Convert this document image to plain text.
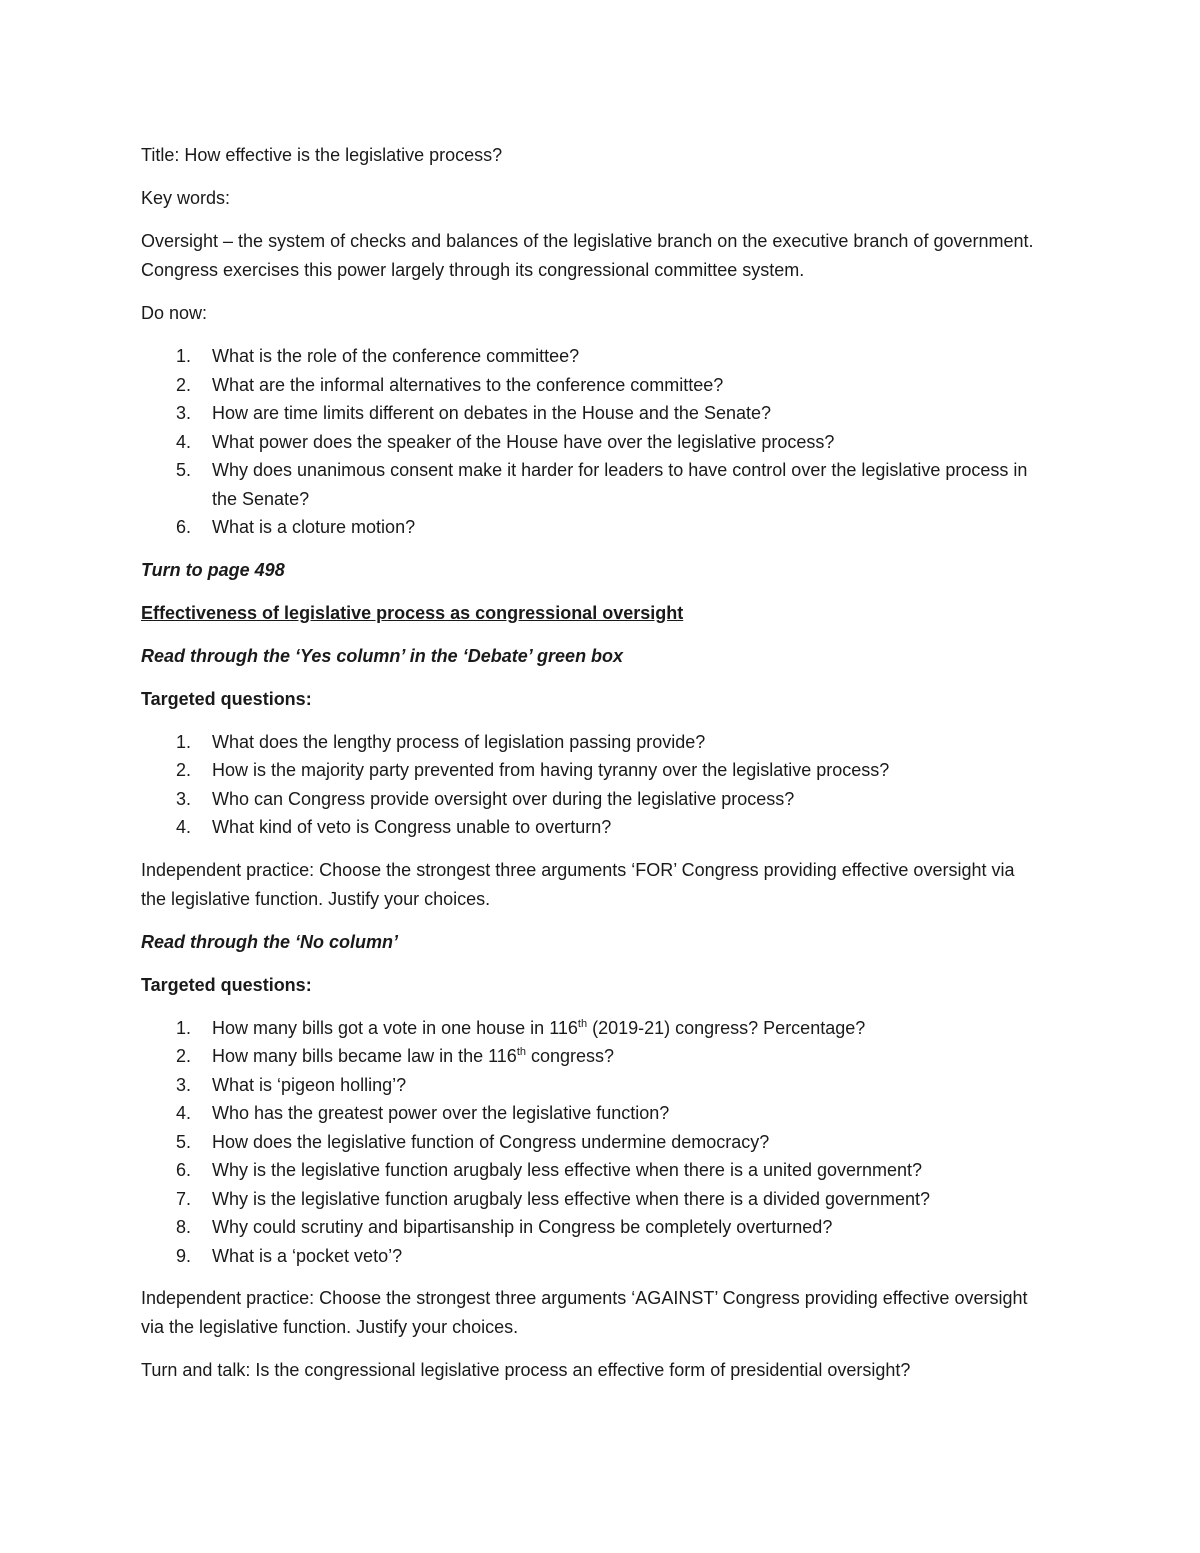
Title: How effective is the legislative process?

Key words:

Oversight – the system of checks and balances of the legislative branch on the executive branch of government. Congress exercises this power largely through its congressional committee system.

Do now:

1. What is the role of the conference committee?
2. What are the informal alternatives to the conference committee?
3. How are time limits different on debates in the House and the Senate?
4. What power does the speaker of the House have over the legislative process?
5. Why does unanimous consent make it harder for leaders to have control over the legislative process in the Senate?
6. What is a cloture motion?

Turn to page 498

Effectiveness of legislative process as congressional oversight

Read through the ‘Yes column’ in the ‘Debate’ green box

Targeted questions:

1. What does the lengthy process of legislation passing provide?
2. How is the majority party prevented from having tyranny over the legislative process?
3. Who can Congress provide oversight over during the legislative process?
4. What kind of veto is Congress unable to overturn?

Independent practice: Choose the strongest three arguments ‘FOR’ Congress providing effective oversight via the legislative function. Justify your choices.

Read through the ‘No column’

Targeted questions:

1. How many bills got a vote in one house in 116th (2019-21) congress? Percentage?
2. How many bills became law in the 116th congress?
3. What is ‘pigeon holling’?
4. Who has the greatest power over the legislative function?
5. How does the legislative function of Congress undermine democracy?
6. Why is the legislative function arugbaly less effective when there is a united government?
7. Why is the legislative function arugbaly less effective when there is a divided government?
8. Why could scrutiny and bipartisanship in Congress be completely overturned?
9. What is a ‘pocket veto’?

Independent practice: Choose the strongest three arguments ‘AGAINST’ Congress providing effective oversight via the legislative function. Justify your choices.

Turn and talk: Is the congressional legislative process an effective form of presidential oversight?
